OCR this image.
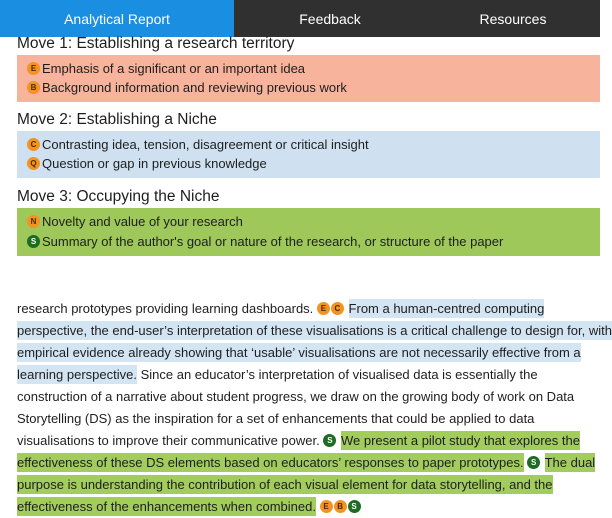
Analytical Report	Feedback	Resources
Move 1: Establishing a research territory
E Emphasis of a significant or an important idea
B Background information and reviewing previous work
Move 2: Establishing a Niche
C Contrasting idea, tension, disagreement or critical insight
Q Question or gap in previous knowledge
Move 3: Occupying the Niche
N Novelty and value of your research
S Summary of the author's goal or nature of the research, or structure of the paper
research prototypes providing learning dashboards. E	C From a human-centred computing
perspective, the end-user’s interpretation of these visualisations is a critical challenge to design for, with
empirical evidence already showing that ‘usable’ visualisations are not necessarily effective from a
learning perspective. Since an educator’s interpretation of visualised data is essentially the
construction of a narrative about student progress, we draw on the growing body of work on Data
Storytelling (DS) as the inspiration for a set of enhancements that could be applied to data
visualisations to improve their communicative power. S We present a pilot study that explores the
effectiveness of these DS elements based on educators’ responses to paper prototypes. S The dual
purpose is understanding the contribution of each visual element for data storytelling, and the
effectiveness of the enhancements when combined. E	B	S
